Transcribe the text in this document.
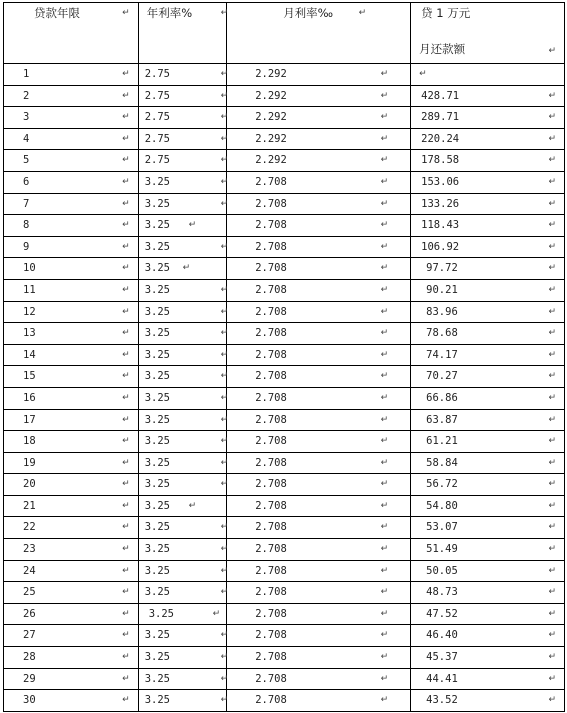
贷款年限 ↵	年利率% ↵	月利率‰ ↵	贷 1 万元
月还款额 ↵

1 ↵	2.75 ↵	2.292 ↵	↵

2 ↵	2.75 ↵	2.292 ↵	428.71 ↵

3 ↵	2.75 ↵	2.292 ↵	289.71 ↵

4 ↵	2.75 ↵	2.292 ↵	220.24 ↵

5 ↵	2.75 ↵	2.292 ↵	178.58 ↵

6 ↵	3.25 ↵	2.708 ↵	153.06 ↵

7 ↵	3.25 ↵	2.708 ↵	133.26 ↵

8 ↵	3.25 ↵	2.708 ↵	118.43 ↵

9 ↵	3.25 ↵	2.708 ↵	106.92 ↵

10 ↵	3.25 ↵	2.708 ↵	97.72 ↵

11 ↵	3.25 ↵	2.708 ↵	90.21 ↵

12 ↵	3.25 ↵	2.708 ↵	83.96 ↵

13 ↵	3.25 ↵	2.708 ↵	78.68 ↵

14 ↵	3.25 ↵	2.708 ↵	74.17 ↵

15 ↵	3.25 ↵	2.708 ↵	70.27 ↵

16 ↵	3.25 ↵	2.708 ↵	66.86 ↵

17 ↵	3.25 ↵	2.708 ↵	63.87 ↵

18 ↵	3.25 ↵	2.708 ↵	61.21 ↵

19 ↵	3.25 ↵	2.708 ↵	58.84 ↵

20 ↵	3.25 ↵	2.708 ↵	56.72 ↵

21 ↵	3.25 ↵	2.708 ↵	54.80 ↵

22 ↵	3.25 ↵	2.708 ↵	53.07 ↵

23 ↵	3.25 ↵	2.708 ↵	51.49 ↵

24 ↵	3.25 ↵	2.708 ↵	50.05 ↵

25 ↵	3.25 ↵	2.708 ↵	48.73 ↵

26 ↵	3.25 ↵	2.708 ↵	47.52 ↵

27 ↵	3.25 ↵	2.708 ↵	46.40 ↵

28 ↵	3.25 ↵	2.708 ↵	45.37 ↵

29 ↵	3.25 ↵	2.708 ↵	44.41 ↵

30 ↵	3.25 ↵	2.708 ↵	43.52 ↵
